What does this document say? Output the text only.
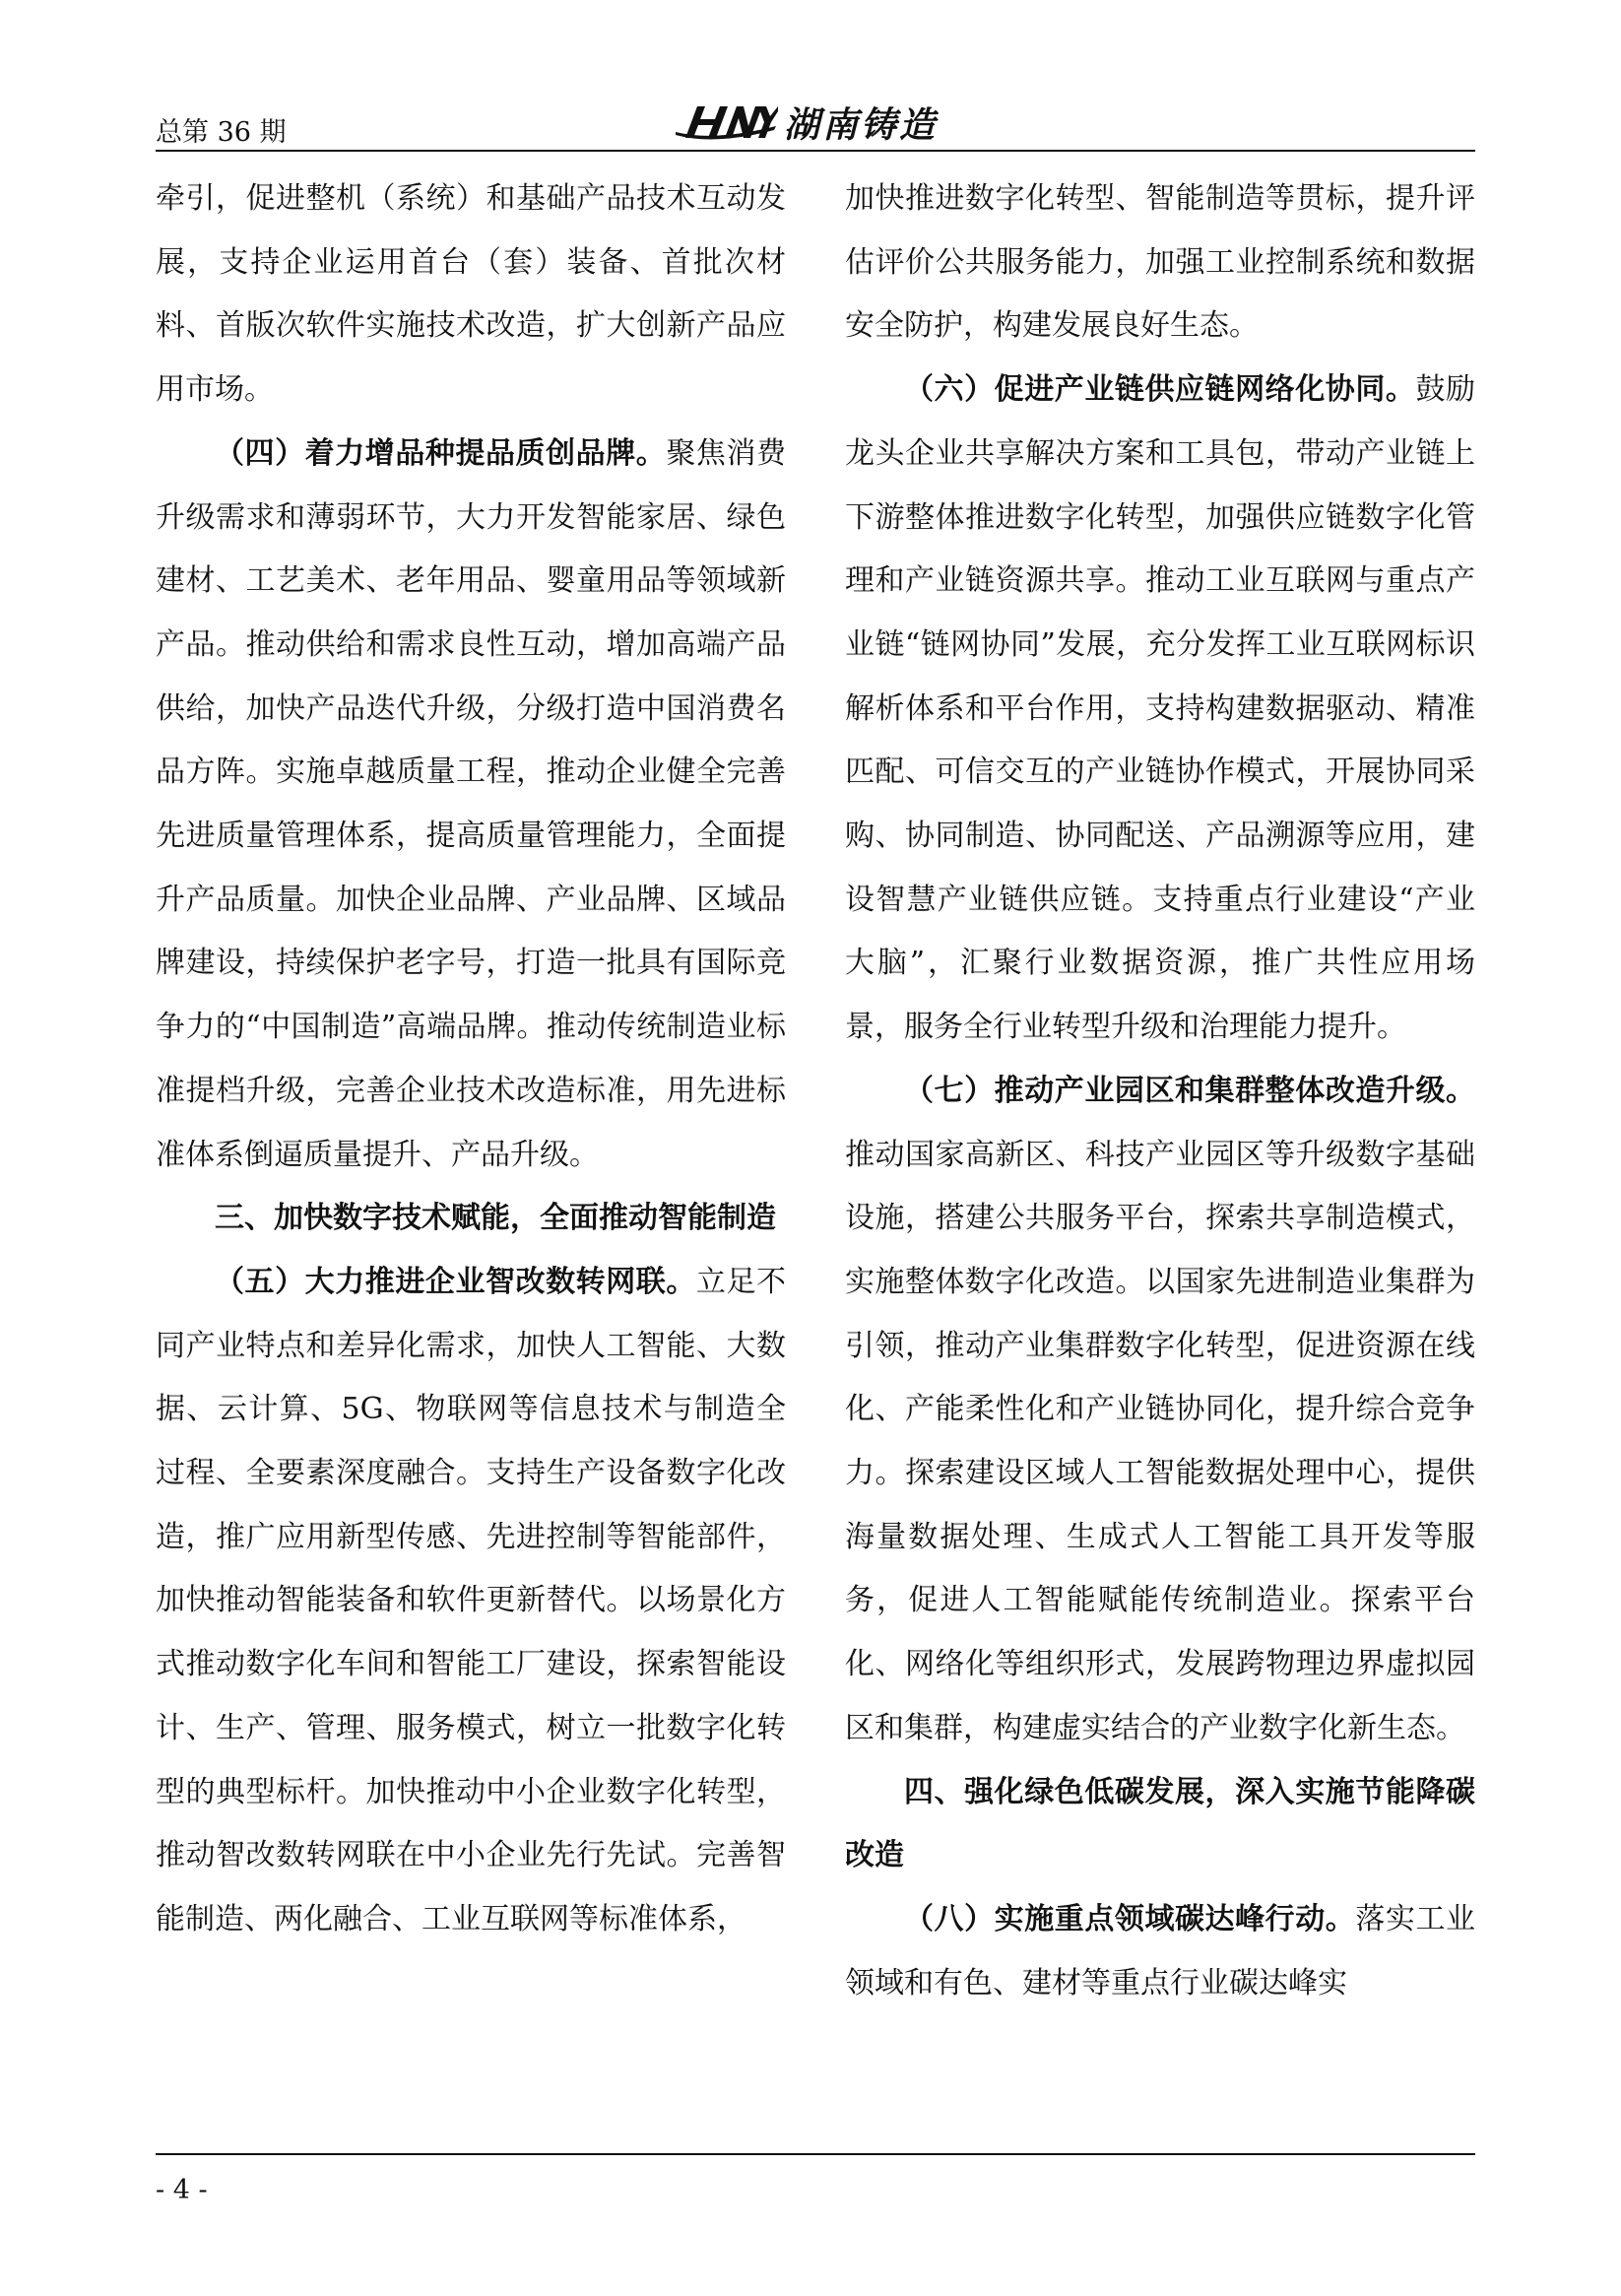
总第 36 期	湖南铸造

牵引，促进整机（系统）和基础产品技术互动发展，支持企业运用首台（套）装备、首批次材料、首版次软件实施技术改造，扩大创新产品应用市场。

（四）着力增品种提品质创品牌。聚焦消费升级需求和薄弱环节，大力开发智能家居、绿色建材、工艺美术、老年用品、婴童用品等领域新产品。推动供给和需求良性互动，增加高端产品供给，加快产品迭代升级，分级打造中国消费名品方阵。实施卓越质量工程，推动企业健全完善先进质量管理体系，提高质量管理能力，全面提升产品质量。加快企业品牌、产业品牌、区域品牌建设，持续保护老字号，打造一批具有国际竞争力的“中国制造”高端品牌。推动传统制造业标准提档升级，完善企业技术改造标准，用先进标准体系倒逼质量提升、产品升级。

三、加快数字技术赋能，全面推动智能制造

（五）大力推进企业智改数转网联。立足不同产业特点和差异化需求，加快人工智能、大数据、云计算、5G、物联网等信息技术与制造全过程、全要素深度融合。支持生产设备数字化改造，推广应用新型传感、先进控制等智能部件，加快推动智能装备和软件更新替代。以场景化方式推动数字化车间和智能工厂建设，探索智能设计、生产、管理、服务模式，树立一批数字化转型的典型标杆。加快推动中小企业数字化转型，推动智改数转网联在中小企业先行先试。完善智能制造、两化融合、工业互联网等标准体系，

加快推进数字化转型、智能制造等贯标，提升评估评价公共服务能力，加强工业控制系统和数据安全防护，构建发展良好生态。

（六）促进产业链供应链网络化协同。鼓励龙头企业共享解决方案和工具包，带动产业链上下游整体推进数字化转型，加强供应链数字化管理和产业链资源共享。推动工业互联网与重点产业链“链网协同”发展，充分发挥工业互联网标识解析体系和平台作用，支持构建数据驱动、精准匹配、可信交互的产业链协作模式，开展协同采购、协同制造、协同配送、产品溯源等应用，建设智慧产业链供应链。支持重点行业建设“产业大脑”，汇聚行业数据资源，推广共性应用场景，服务全行业转型升级和治理能力提升。

（七）推动产业园区和集群整体改造升级。推动国家高新区、科技产业园区等升级数字基础设施，搭建公共服务平台，探索共享制造模式，实施整体数字化改造。以国家先进制造业集群为引领，推动产业集群数字化转型，促进资源在线化、产能柔性化和产业链协同化，提升综合竞争力。探索建设区域人工智能数据处理中心，提供海量数据处理、生成式人工智能工具开发等服务，促进人工智能赋能传统制造业。探索平台化、网络化等组织形式，发展跨物理边界虚拟园区和集群，构建虚实结合的产业数字化新生态。

四、强化绿色低碳发展，深入实施节能降碳改造

（八）实施重点领域碳达峰行动。落实工业领域和有色、建材等重点行业碳达峰实

- 4 -
